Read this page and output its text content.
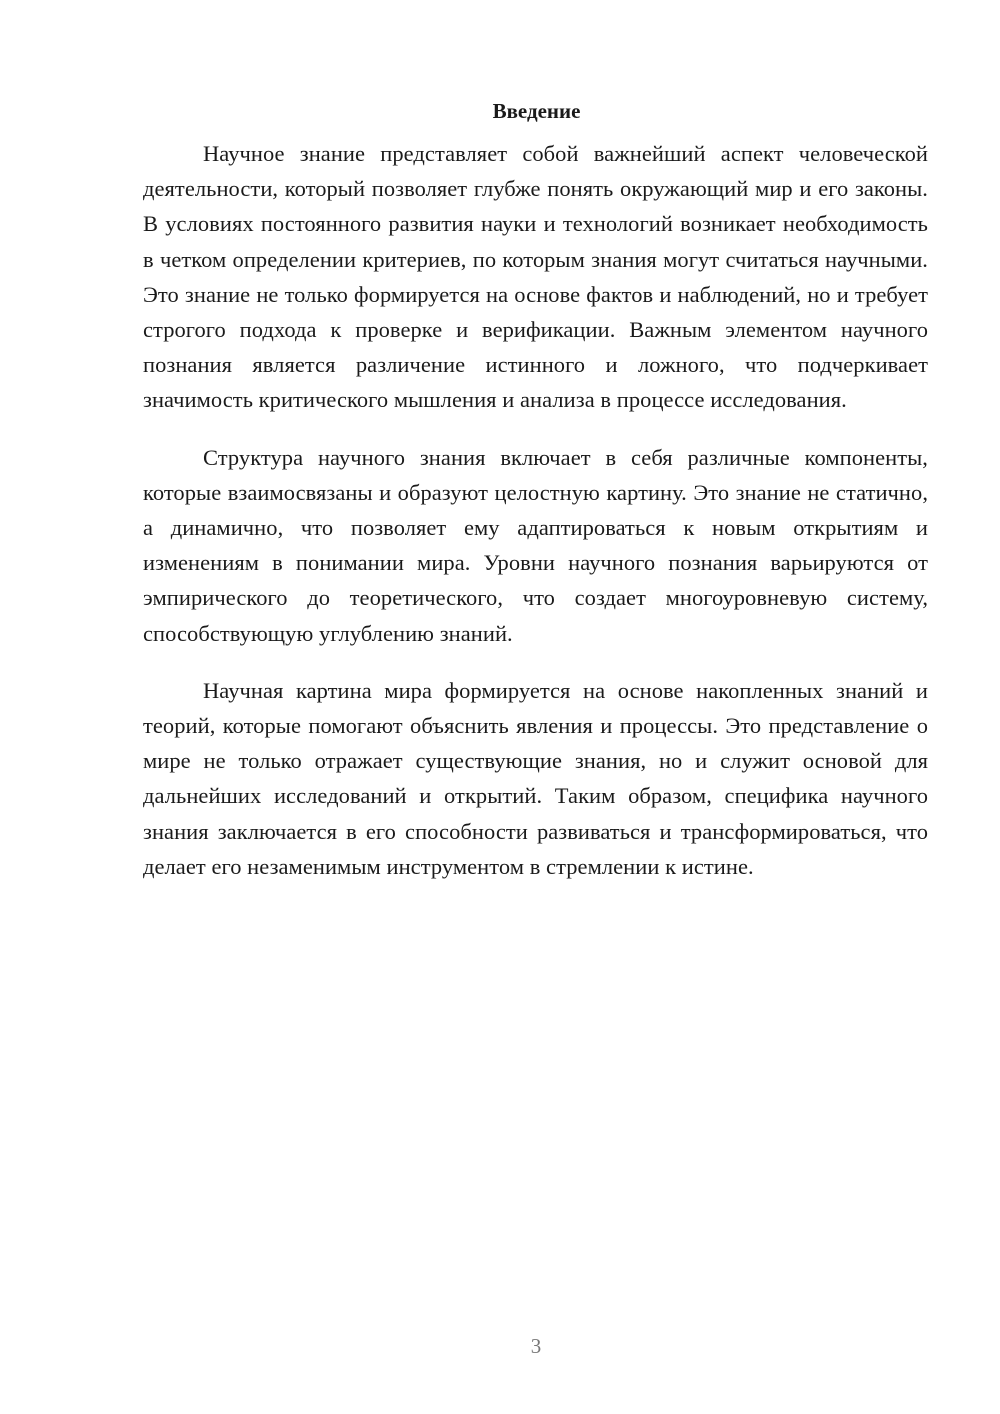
Введение

Научное знание представляет собой важнейший аспект человеческой деятельности, который позволяет глубже понять окружающий мир и его законы. В условиях постоянного развития науки и технологий возникает необходимость в четком определении критериев, по которым знания могут считаться научными. Это знание не только формируется на основе фактов и наблюдений, но и требует строгого подхода к проверке и верификации. Важным элементом научного познания является различение истинного и ложного, что подчеркивает значимость критического мышления и анализа в процессе исследования.

Структура научного знания включает в себя различные компоненты, которые взаимосвязаны и образуют целостную картину. Это знание не статично, а динамично, что позволяет ему адаптироваться к новым открытиям и изменениям в понимании мира. Уровни научного познания варьируются от эмпирического до теоретического, что создает многоуровневую систему, способствующую углублению знаний.

Научная картина мира формируется на основе накопленных знаний и теорий, которые помогают объяснить явления и процессы. Это представление о мире не только отражает существующие знания, но и служит основой для дальнейших исследований и открытий. Таким образом, специфика научного знания заключается в его способности развиваться и трансформироваться, что делает его незаменимым инструментом в стремлении к истине.

3
